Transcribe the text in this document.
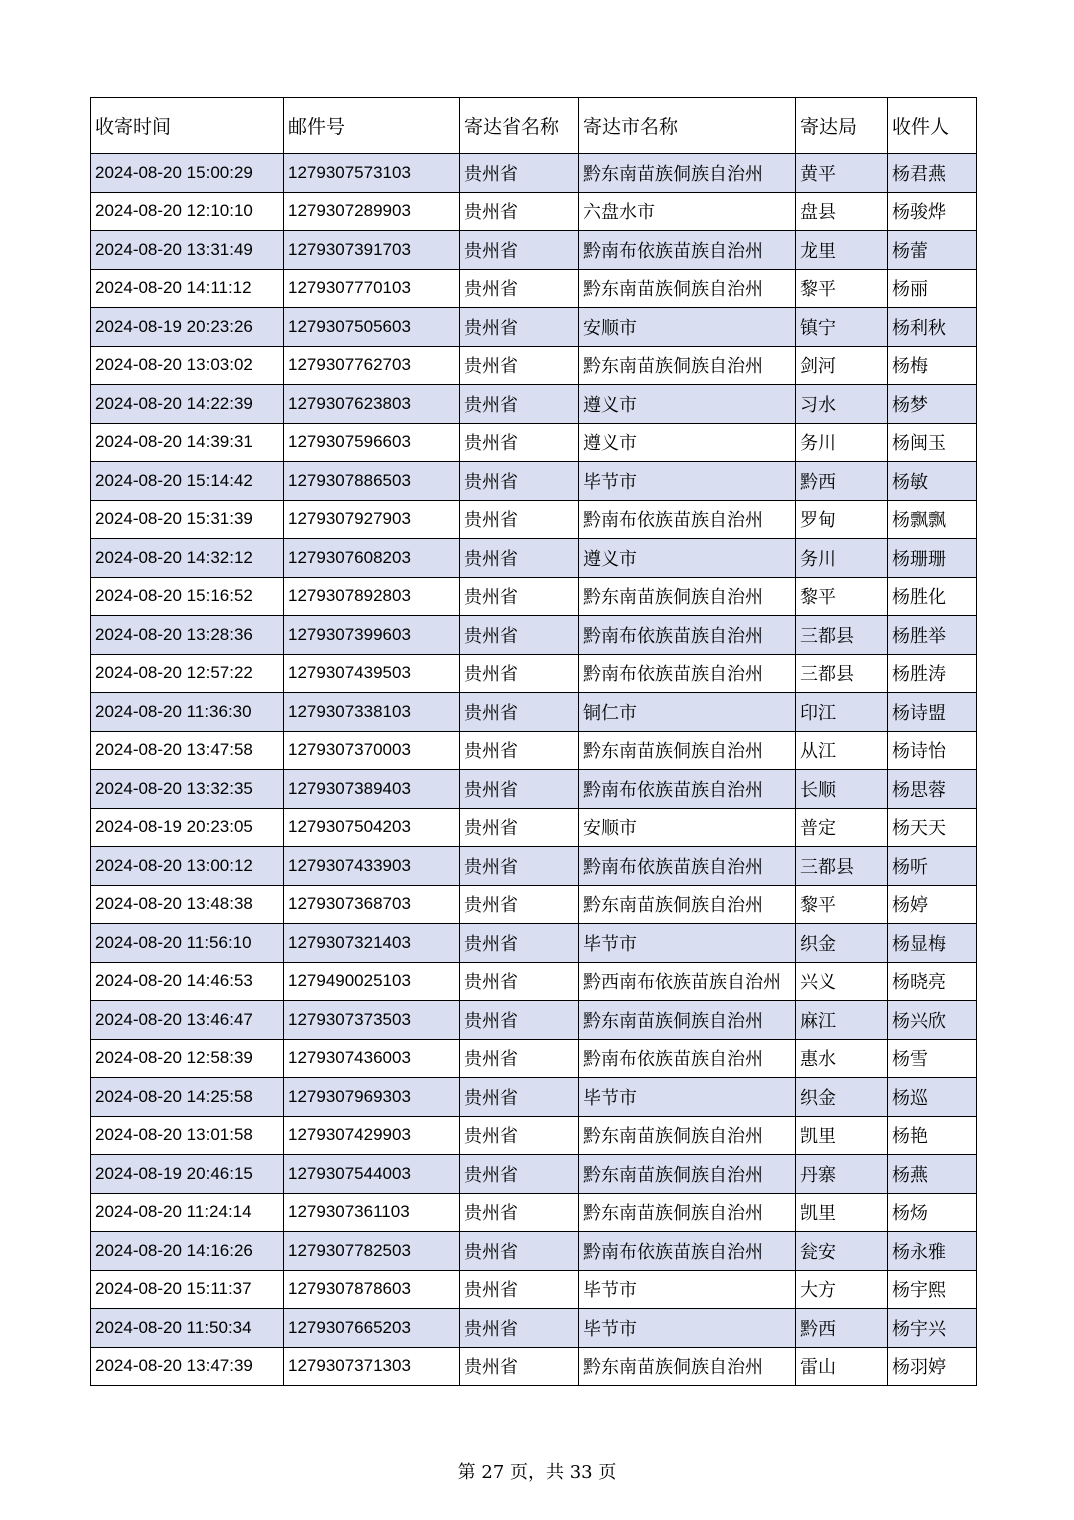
收寄时间	邮件号	寄达省名称	寄达市名称	寄达局	收件人
2024-08-20 15:00:29	1279307573103	贵州省	黔东南苗族侗族自治州	黄平	杨君燕
2024-08-20 12:10:10	1279307289903	贵州省	六盘水市	盘县	杨骏烨
2024-08-20 13:31:49	1279307391703	贵州省	黔南布依族苗族自治州	龙里	杨蕾
2024-08-20 14:11:12	1279307770103	贵州省	黔东南苗族侗族自治州	黎平	杨丽
2024-08-19 20:23:26	1279307505603	贵州省	安顺市	镇宁	杨利秋
2024-08-20 13:03:02	1279307762703	贵州省	黔东南苗族侗族自治州	剑河	杨梅
2024-08-20 14:22:39	1279307623803	贵州省	遵义市	习水	杨梦
2024-08-20 14:39:31	1279307596603	贵州省	遵义市	务川	杨闽玉
2024-08-20 15:14:42	1279307886503	贵州省	毕节市	黔西	杨敏
2024-08-20 15:31:39	1279307927903	贵州省	黔南布依族苗族自治州	罗甸	杨飘飘
2024-08-20 14:32:12	1279307608203	贵州省	遵义市	务川	杨珊珊
2024-08-20 15:16:52	1279307892803	贵州省	黔东南苗族侗族自治州	黎平	杨胜化
2024-08-20 13:28:36	1279307399603	贵州省	黔南布依族苗族自治州	三都县	杨胜举
2024-08-20 12:57:22	1279307439503	贵州省	黔南布依族苗族自治州	三都县	杨胜涛
2024-08-20 11:36:30	1279307338103	贵州省	铜仁市	印江	杨诗盟
2024-08-20 13:47:58	1279307370003	贵州省	黔东南苗族侗族自治州	从江	杨诗怡
2024-08-20 13:32:35	1279307389403	贵州省	黔南布依族苗族自治州	长顺	杨思蓉
2024-08-19 20:23:05	1279307504203	贵州省	安顺市	普定	杨天天
2024-08-20 13:00:12	1279307433903	贵州省	黔南布依族苗族自治州	三都县	杨听
2024-08-20 13:48:38	1279307368703	贵州省	黔东南苗族侗族自治州	黎平	杨婷
2024-08-20 11:56:10	1279307321403	贵州省	毕节市	织金	杨显梅
2024-08-20 14:46:53	1279490025103	贵州省	黔西南布依族苗族自治州	兴义	杨晓亮
2024-08-20 13:46:47	1279307373503	贵州省	黔东南苗族侗族自治州	麻江	杨兴欣
2024-08-20 12:58:39	1279307436003	贵州省	黔南布依族苗族自治州	惠水	杨雪
2024-08-20 14:25:58	1279307969303	贵州省	毕节市	织金	杨巡
2024-08-20 13:01:58	1279307429903	贵州省	黔东南苗族侗族自治州	凯里	杨艳
2024-08-19 20:46:15	1279307544003	贵州省	黔东南苗族侗族自治州	丹寨	杨燕
2024-08-20 11:24:14	1279307361103	贵州省	黔东南苗族侗族自治州	凯里	杨炀
2024-08-20 14:16:26	1279307782503	贵州省	黔南布依族苗族自治州	瓮安	杨永雅
2024-08-20 15:11:37	1279307878603	贵州省	毕节市	大方	杨宇熙
2024-08-20 11:50:34	1279307665203	贵州省	毕节市	黔西	杨宇兴
2024-08-20 13:47:39	1279307371303	贵州省	黔东南苗族侗族自治州	雷山	杨羽婷
第 27 页，共 33 页
